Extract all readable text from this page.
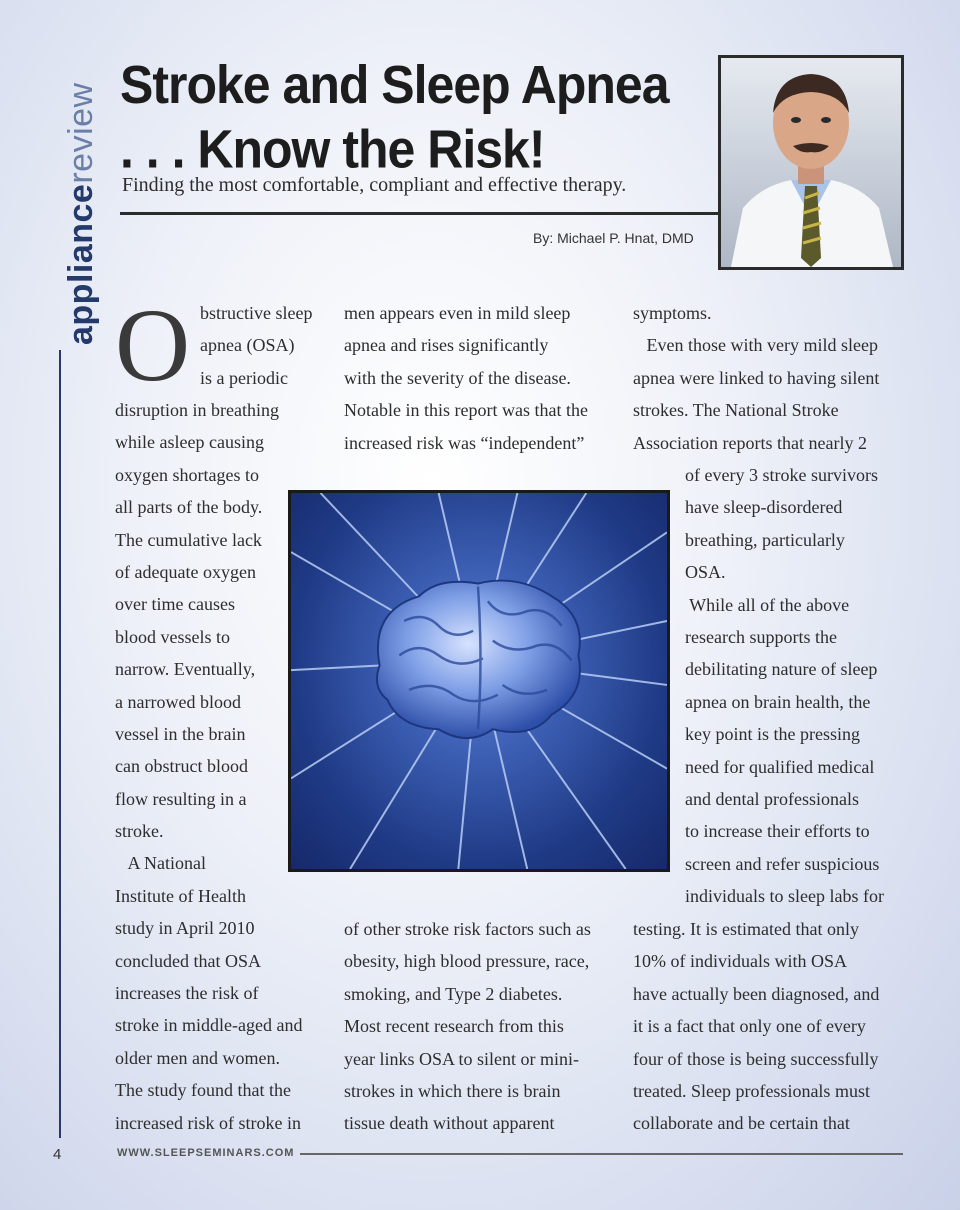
appliancereview Stroke and Sleep Apnea
. . . Know the Risk!
Finding the most comfortable, compliant and effective therapy.
By: Michael P. Hnat, DMD
O bstructive sleep
apnea (OSA)
is a periodic
disruption in breathing
while asleep causing
oxygen shortages to
all parts of the body.
The cumulative lack
of adequate oxygen
over time causes
blood vessels to
narrow. Eventually,
a narrowed blood
vessel in the brain
can obstruct blood
flow resulting in a
stroke.
A National
Institute of Health
study in April 2010
concluded that OSA
increases the risk of
stroke in middle-aged and
older men and women.
The study found that the
increased risk of stroke in
men appears even in mild sleep
apnea and rises significantly
with the severity of the disease.
Notable in this report was that the
increased risk was “independent”
of other stroke risk factors such as
obesity, high blood pressure, race,
smoking, and Type 2 diabetes.
Most recent research from this
year links OSA to silent or mini-
strokes in which there is brain
tissue death without apparent
symptoms.
Even those with very mild sleep
apnea were linked to having silent
strokes. The National Stroke
Association reports that nearly 2
of every 3 stroke survivors
have sleep-disordered
breathing, particularly
OSA.
While all of the above
research supports the
debilitating nature of sleep
apnea on brain health, the
key point is the pressing
need for qualified medical
and dental professionals
to increase their efforts to
screen and refer suspicious
individuals to sleep labs for
testing. It is estimated that only
10% of individuals with OSA
have actually been diagnosed, and
it is a fact that only one of every
four of those is being successfully
treated. Sleep professionals must
collaborate and be certain that
4	WWW.SLEEPSEMINARS.COM
